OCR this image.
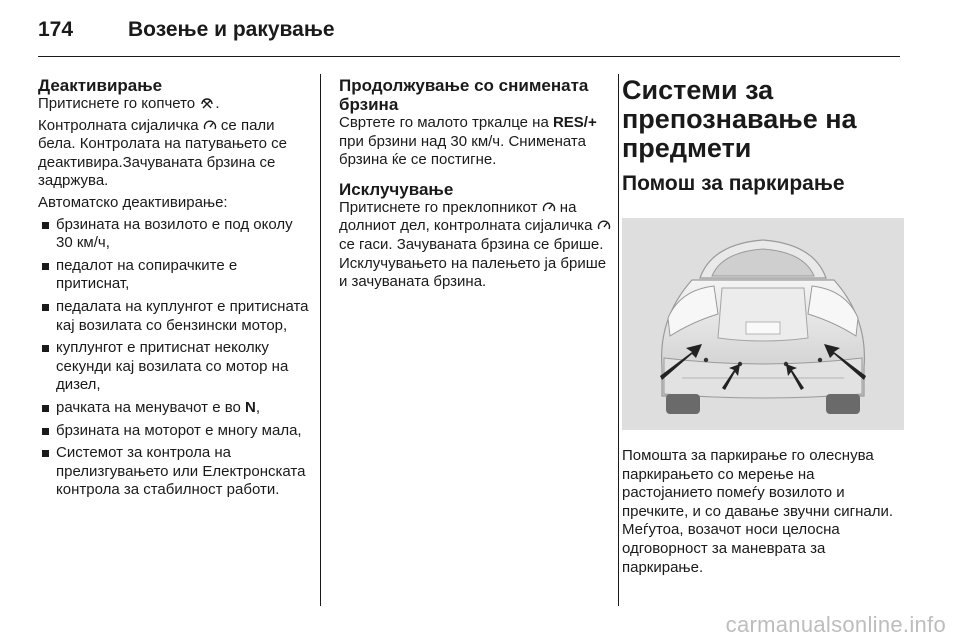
174	Возење и ракување
Деактивирање

Притиснете го копчето .

Контролната сијаличка  се пали бела. Контролата на патувањето се деактивира.Зачуваната брзина се задржува.

Автоматско деактивирање:

брзината на возилото е под околу 30 км/ч,
педалот на сопирачките е притиснат,
педалата на куплунгот е притисната кај возилата со бензински мотор,
куплунгот е притиснат неколку секунди кај возилата со мотор на дизел,
рачката на менувачот е во N,
брзината на моторот е многу мала,
Системот за контрола на прелизгувањето или Електронската контрола за стабилност работи.
Продолжување со снимената брзина

Свртете го малото тркалце на RES/+ при брзини над 30 км/ч. Снимената брзина ќе се постигне.

Исклучување

Притиснете го преклопникот  на долниот дел, контролната сијаличка  се гаси. Зачуваната брзина се брише. Исклучувањето на палењето ја брише и зачуваната брзина.

Системи за препознавање на предмети
Помош за паркирање

Помошта за паркирање го олеснува паркирањето со мерење на растојанието помеѓу возилото и пречките, и со давање звучни сигнали. Меѓутоа, возачот носи целосна одговорност за маневрата за паркирање.

carmanualsonline.info
